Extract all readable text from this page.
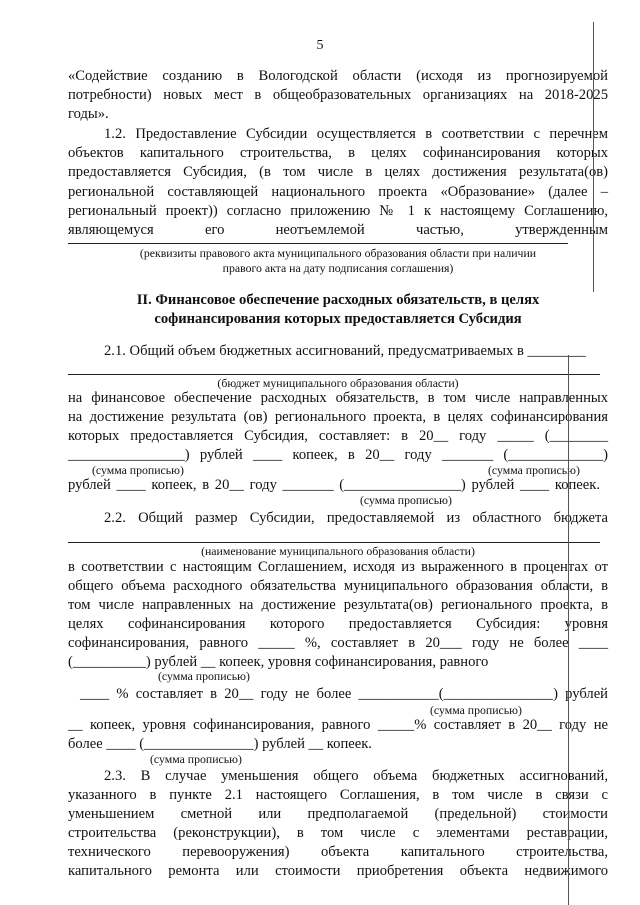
5
«Содействие созданию в Вологодской области (исходя из прогнозируемой
потребности) новых мест в общеобразовательных организациях на 2018-2025
годы».
1.2. Предоставление Субсидии осуществляется в соответствии с перечнем
объектов капитального строительства, в целях софинансирования которых
предоставляется Субсидия, (в том числе в целях достижения результата(ов)
региональной составляющей национального проекта «Образование» (далее –
региональный проект)) согласно приложению № 1 к настоящему Соглашению,
являющемуся его неотъемлемой частью, утвержденным
(реквизиты правового акта муниципального образования области при наличии
правого акта на дату подписания соглашения)
II. Финансовое обеспечение расходных обязательств, в целях
софинансирования которых предоставляется Субсидия
2.1. Общий объем бюджетных ассигнований, предусматриваемых в ________
(бюджет муниципального образования области)
на финансовое обеспечение расходных обязательств, в том числе направленных
на достижение результата (ов) регионального проекта, в целях софинансирования
которых предоставляется Субсидия, составляет: в 20__ году _____ (________
________________) рублей ____ копеек, в 20__ году _______ (_____________)
(сумма прописью)	(сумма прописью)
рублей ____ копеек, в 20__ году _______ (________________) рублей ____ копеек.
(сумма прописью)
2.2. Общий размер Субсидии, предоставляемой из областного бюджета
(наименование муниципального образования области)
в соответствии с настоящим Соглашением, исходя из выраженного в процентах от
общего объема расходного обязательства муниципального образования области, в
том числе направленных на достижение результата(ов) регионального проекта, в
целях софинансирования которого предоставляется Субсидия: уровня
софинансирования, равного _____ %, составляет в 20___ году не более ____
(__________) рублей __ копеек, уровня софинансирования, равного
(сумма прописью)
____ % составляет в 20__ году не более ___________(_______________) рублей
(сумма прописью)
__ копеек, уровня софинансирования, равного _____% составляет в 20__ году не
более ____ (_______________) рублей __ копеек.
(сумма прописью)
2.3. В случае уменьшения общего объема бюджетных ассигнований,
указанного в пункте 2.1 настоящего Соглашения, в том числе в связи с
уменьшением сметной или предполагаемой (предельной) стоимости
строительства (реконструкции), в том числе с элементами реставрации,
технического перевооружения) объекта капитального строительства,
капитального ремонта или стоимости приобретения объекта недвижимого
